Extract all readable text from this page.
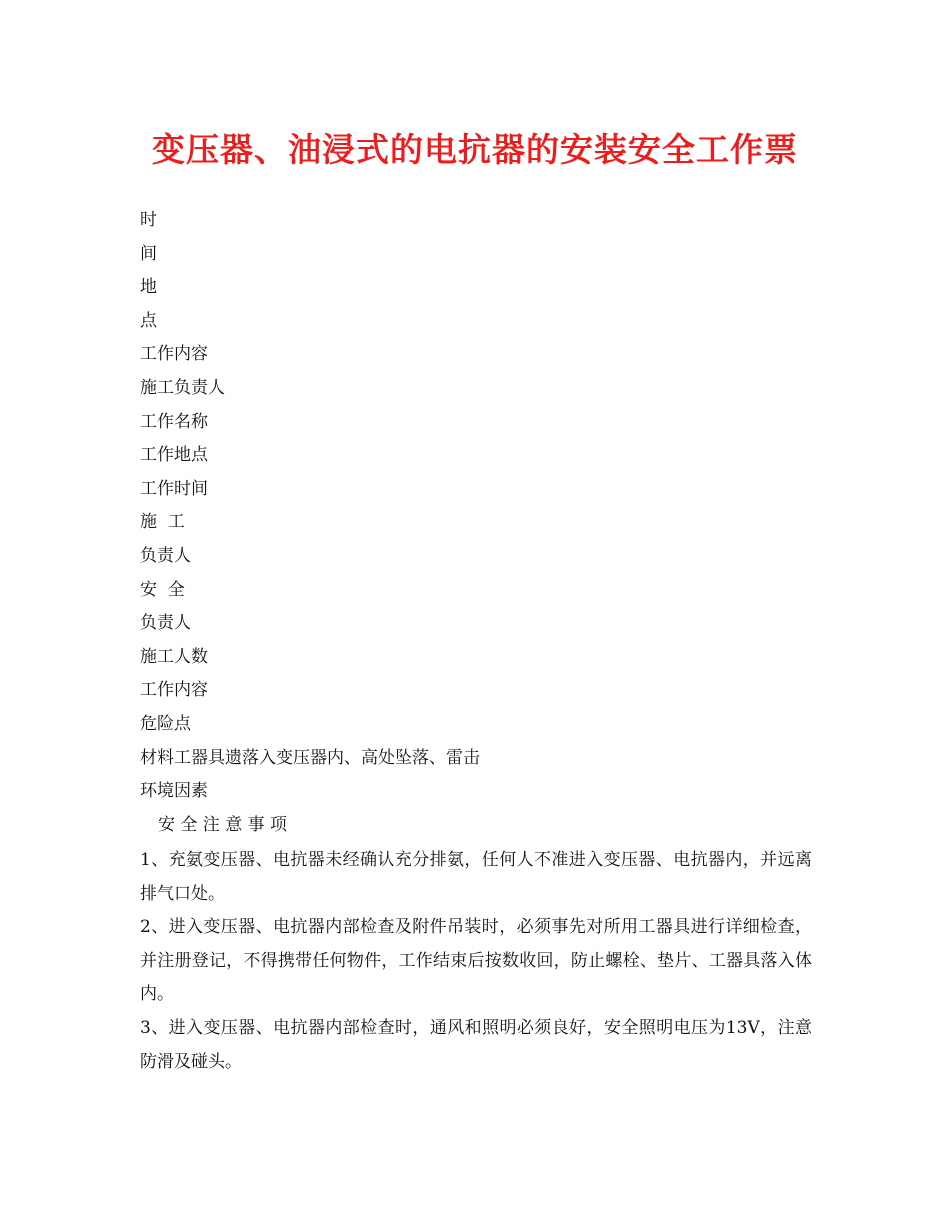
变压器、油浸式的电抗器的安装安全工作票
时
间
地
点
工作内容
施工负责人
工作名称
工作地点
工作时间
施  工
负责人
安  全
负责人
施工人数
工作内容
危险点
材料工器具遗落入变压器内、高处坠落、雷击
环境因素
安 全 注 意 事 项

1、充氨变压器、电抗器未经确认充分排氨，任何人不准进入变压器、电抗器内，并远离排气口处。

2、进入变压器、电抗器内部检查及附件吊装时，必须事先对所用工器具进行详细检查，并注册登记，不得携带任何物件，工作结束后按数收回，防止螺栓、垫片、工器具落入体内。

3、进入变压器、电抗器内部检查时，通风和照明必须良好，安全照明电压为13V，注意防滑及碰头。
